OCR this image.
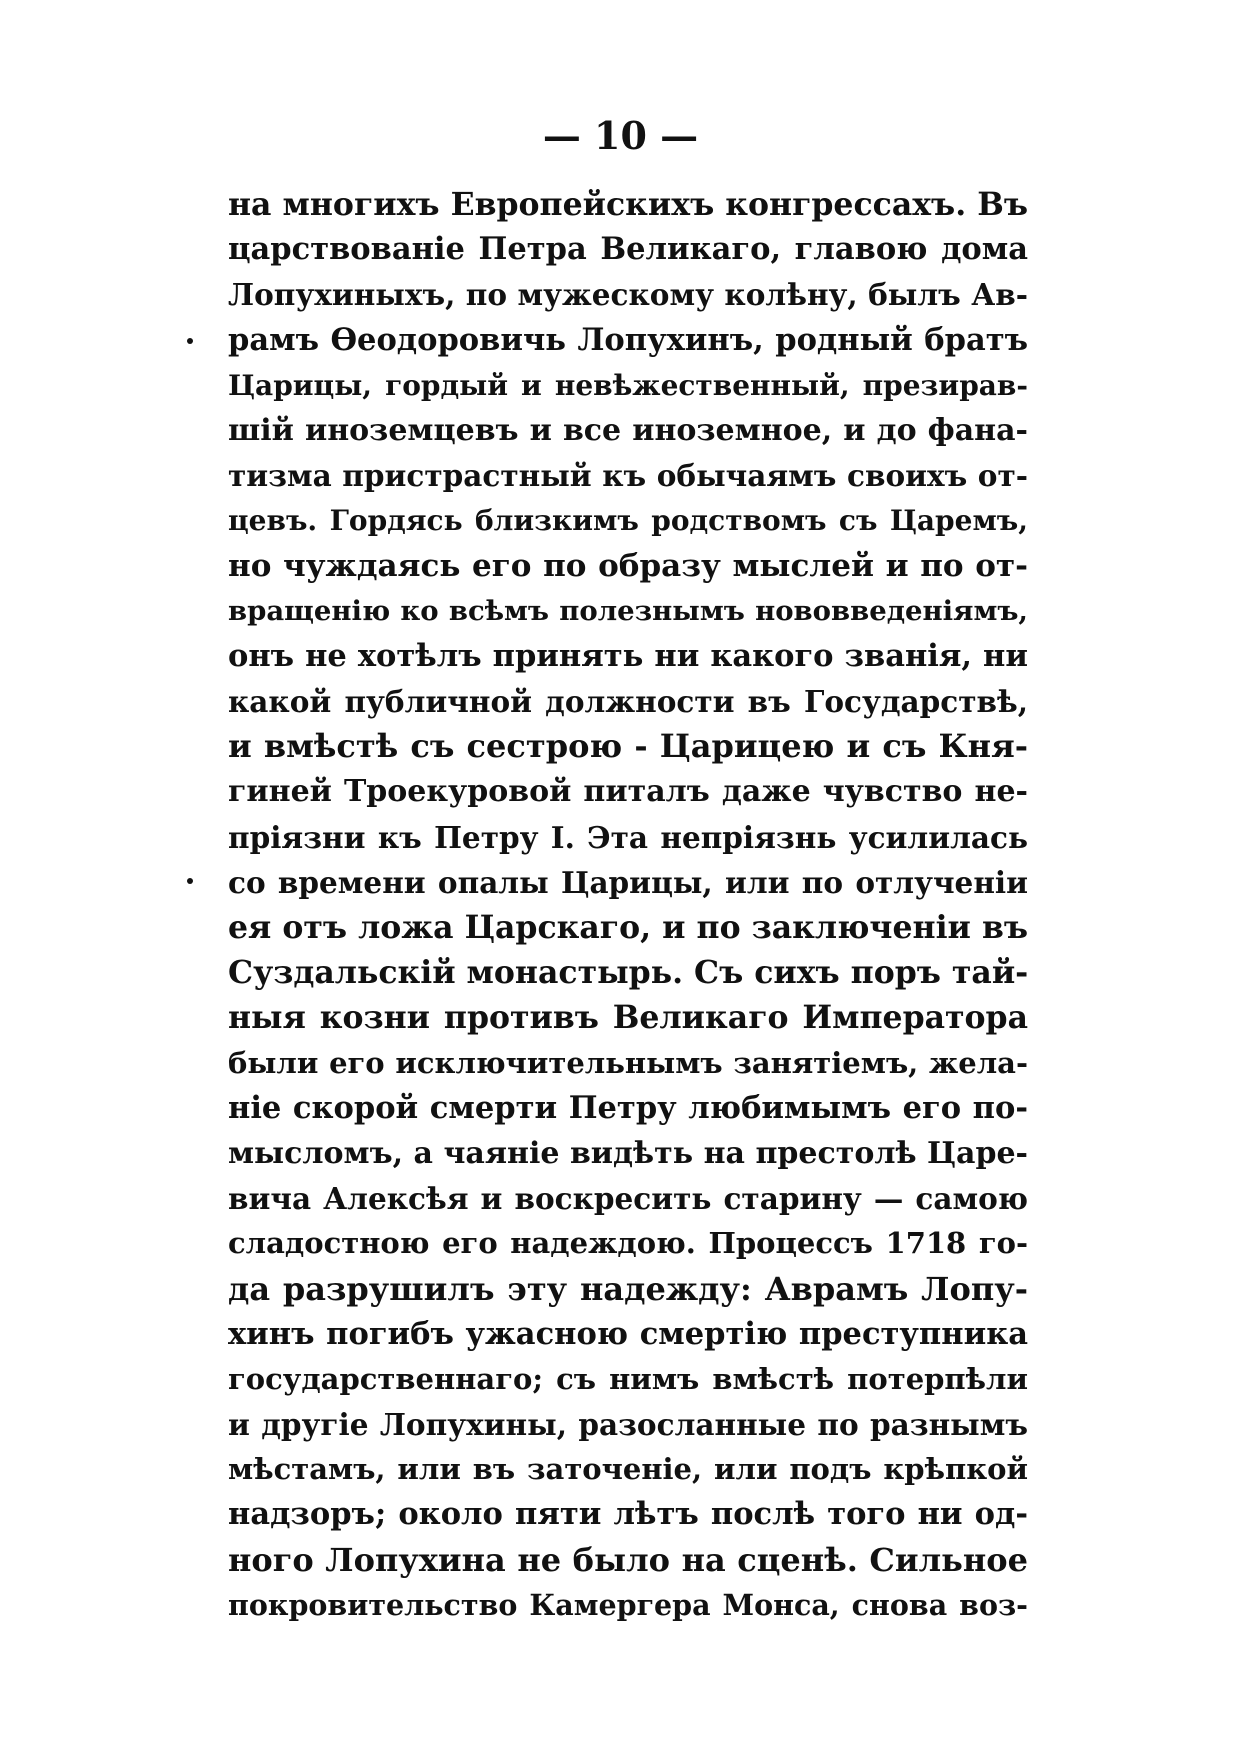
— 10 —
на многихъ Европейскихъ конгрессахъ. Въ
царствованіе Петра Великаго, главою дома
Лопухиныхъ, по мужескому колѣну, былъ Ав-
рамъ Ѳеодоровичь Лопухинъ, родный братъ
Царицы, гордый и невѣжественный, презирав-
шій иноземцевъ и все иноземное, и до фана-
тизма пристрастный къ обычаямъ своихъ от-
цевъ. Гордясь близкимъ родствомъ съ Царемъ,
но чуждаясь его по образу мыслей и по от-
вращенію ко всѣмъ полезнымъ нововведеніямъ,
онъ не хотѣлъ принять ни какого званія, ни
какой публичной должности въ Государствѣ,
и вмѣстѣ съ сестрою - Царицею и съ Кня-
гиней Троекуровой питалъ даже чувство не-
пріязни къ Петру I. Эта непріязнь усилилась
со времени опалы Царицы, или по отлученіи
ея отъ ложа Царскаго, и по заключеніи въ
Суздальскій монастырь. Съ сихъ поръ тай-
ныя козни противъ Великаго Императора
были его исключительнымъ занятіемъ, жела-
ніе скорой смерти Петру любимымъ его по-
мысломъ, а чаяніе видѣть на престолѣ Царе-
вича Алексѣя и воскресить старину — самою
сладостною его надеждою. Процессъ 1718 го-
да разрушилъ эту надежду: Аврамъ Лопу-
хинъ погибъ ужасною смертію преступника
государственнаго; съ нимъ вмѣстѣ потерпѣли
и другіе Лопухины, разосланные по разнымъ
мѣстамъ, или въ заточеніе, или подъ крѣпкой
надзоръ; около пяти лѣтъ послѣ того ни од-
ного Лопухина не было на сценѣ. Сильное
покровительство Камергера Монса, снова воз-
